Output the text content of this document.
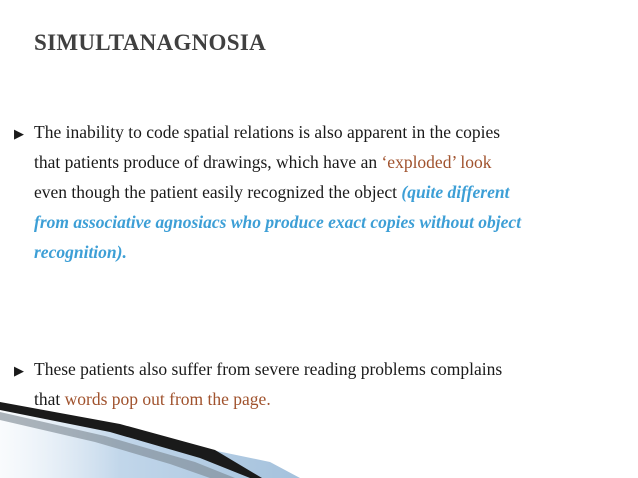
SIMULTANAGNOSIA
▶ The inability to code spatial relations is also apparent in the copies
that patients produce of drawings, which have an ‘exploded’ look
even though the patient easily recognized the object (quite different
from associative agnosiacs who produce exact copies without object
recognition).
▶ These patients also suffer from severe reading problems complains
that words pop out from the page.
